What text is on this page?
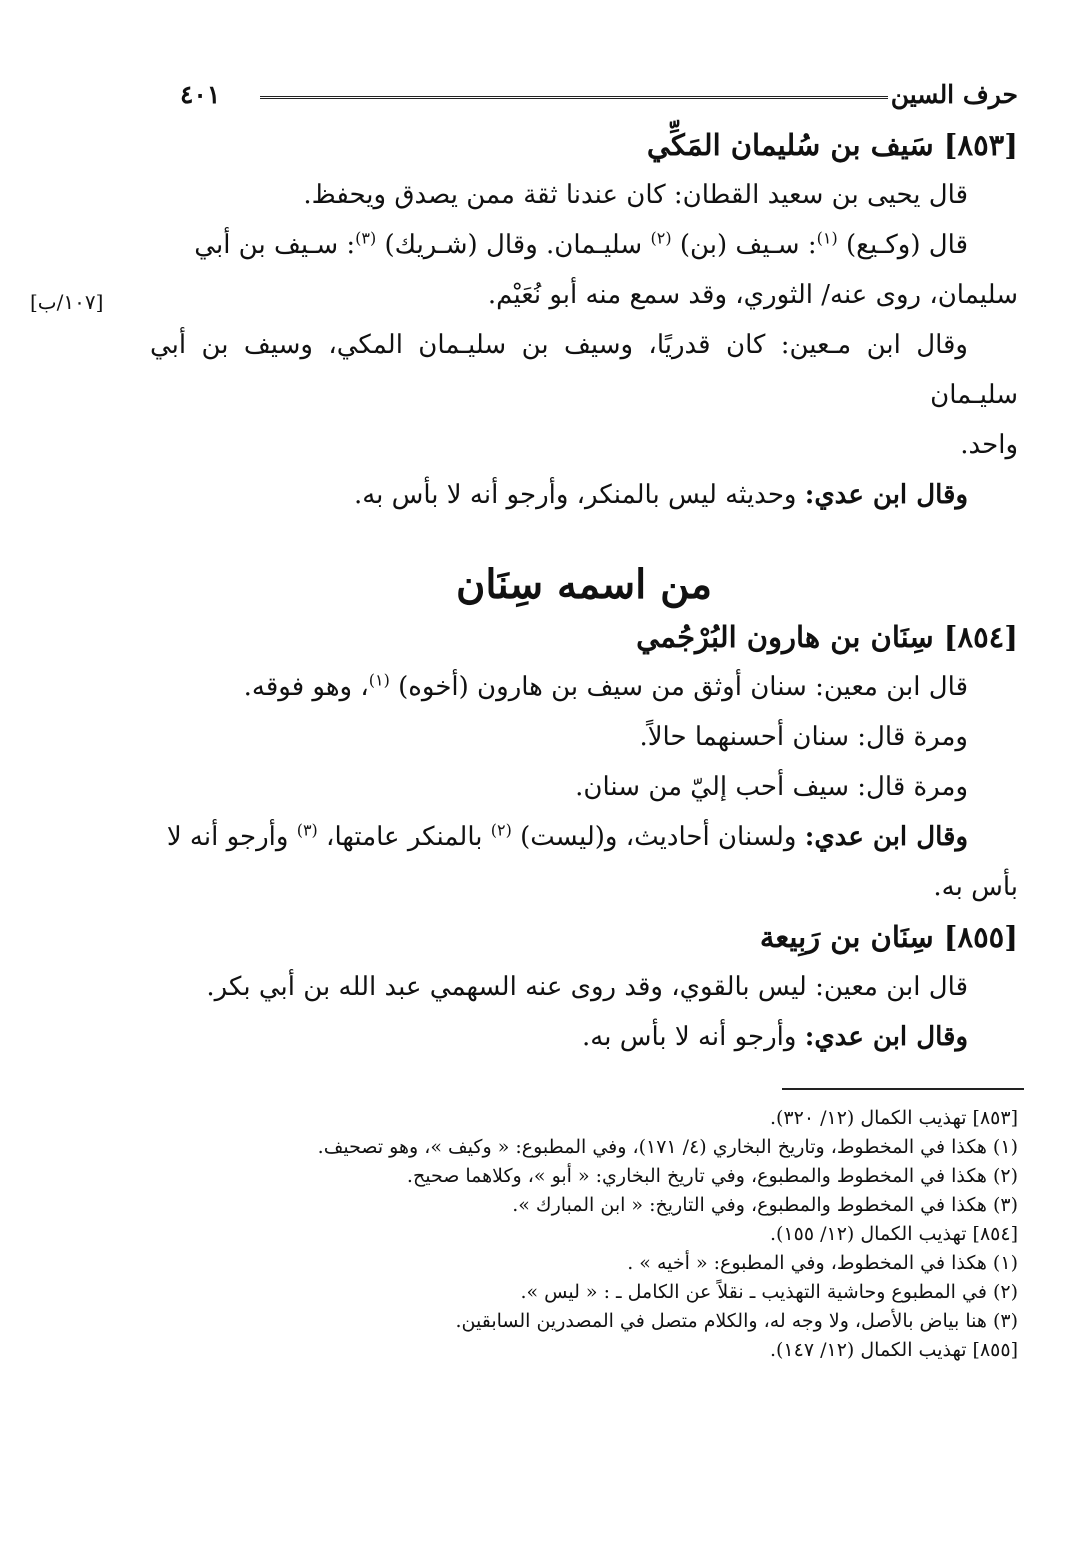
حرف السين
٤٠١
[١٠٧/ب]
[٨٥٣] سَيف بن سُليمان المَكِّي

قال يحيى بن سعيد القطان: كان عندنا ثقة ممن يصدق ويحفظ.

قال (وكـيع) $^{(١)}$: سـيف (بن) $^{(٢)}$ سليـمان. وقال (شـريك) $^{(٣)}$: سـيف بن أبي

سليمان، روى عنه/ الثوري، وقد سمع منه أبو نُعَيْم.

وقال ابن مـعين: كان قدريًا، وسيف بن سليـمان المكي، وسيف بن أبي سليـمان

واحد.

وقال ابن عدي: وحديثه ليس بالمنكر، وأرجو أنه لا بأس به.

من اسمه سِنَان
[٨٥٤] سِنَان بن هارون البُرْجُمي

قال ابن معين: سنان أوثق من سيف بن هارون (أخوه) $^{(١)}$، وهو فوقه.

ومرة قال: سنان أحسنهما حالاً.

ومرة قال: سيف أحب إليّ من سنان.

وقال ابن عدي: ولسنان أحاديث، و(ليست) $^{(٢)}$ بالمنكر عامتها، $^{(٣)}$ وأرجو أنه لا

بأس به.

[٨٥٥] سِنَان بن رَبِيعة

قال ابن معين: ليس بالقوي، وقد روى عنه السهمي عبد الله بن أبي بكر.

وقال ابن عدي: وأرجو أنه لا بأس به.

[٨٥٣] تهذيب الكمال (١٢/ ٣٢٠).
(١) هكذا في المخطوط، وتاريخ البخاري (٤/ ١٧١)، وفي المطبوع: « وكيف »، وهو تصحيف.
(٢) هكذا في المخطوط والمطبوع، وفي تاريخ البخاري: « أبو »، وكلاهما صحيح.
(٣) هكذا في المخطوط والمطبوع، وفي التاريخ: « ابن المبارك ».
[٨٥٤] تهذيب الكمال (١٢/ ١٥٥).
(١) هكذا في المخطوط، وفي المطبوع: « أخيه » .
(٢) في المطبوع وحاشية التهذيب ـ نقلاً عن الكامل ـ : « ليس ».
(٣) هنا بياض بالأصل، ولا وجه له، والكلام متصل في المصدرين السابقين.
[٨٥٥] تهذيب الكمال (١٢/ ١٤٧).
